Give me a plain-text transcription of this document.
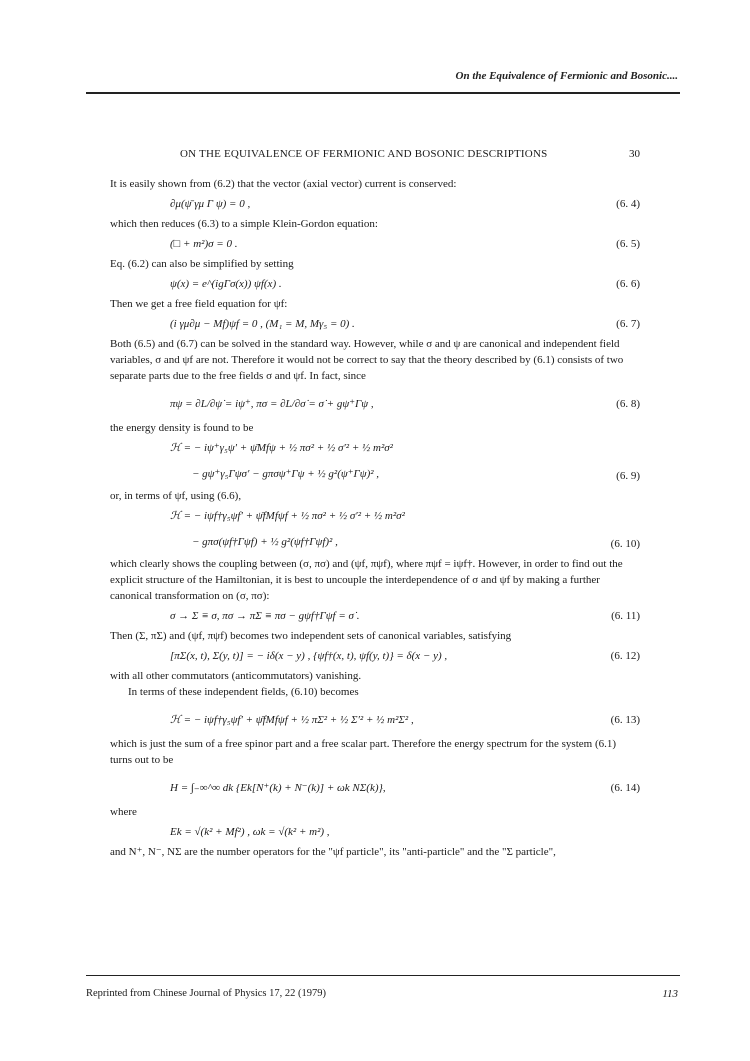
On the Equivalence of Fermionic and Bosonic....
ON THE EQUIVALENCE OF FERMIONIC AND BOSONIC DESCRIPTIONS	30

It is easily shown from (6.2) that the vector (axial vector) current is conserved:

∂μ(ψ̄ γμ Γ ψ) = 0 ,	(6. 4)

which then reduces (6.3) to a simple Klein-Gordon equation:

(□ + m²)σ = 0 .	(6. 5)

Eq. (6.2) can also be simplified by setting

ψ(x) = e^(igΓσ(x)) ψf(x) .	(6. 6)

Then we get a free field equation for ψf:

(i γμ∂μ − Mf)ψf = 0 , (M₁ = M, Mγ₅ = 0) .	(6. 7)

Both (6.5) and (6.7) can be solved in the standard way. However, while σ and ψ are canonical and independent field variables, σ and ψf are not. Therefore it would not be correct to say that the theory described by (6.1) consists of two separate parts due to the free fields σ and ψf. In fact, since

πψ = ∂L/∂ψ̇ = iψ⁺, πσ = ∂L/∂σ̇ = σ̇ + gψ⁺Γψ ,	(6. 8)

the energy density is found to be

ℋ = − iψ⁺γ₅ψ′ + ψ̄Mfψ + ½ πσ² + ½ σ′² + ½ m²σ²
− gψ⁺γ₅Γψσ′ − gπσψ⁺Γψ + ½ g²(ψ⁺Γψ)² ,	(6. 9)

or, in terms of ψf, using (6.6),

ℋ = − iψf†γ₅ψf′ + ψ̄fMfψf + ½ πσ² + ½ σ′² + ½ m²σ²
− gπσ(ψf†Γψf) + ½ g²(ψf†Γψf)² ,	(6. 10)

which clearly shows the coupling between (σ, πσ) and (ψf, πψf), where πψf = iψf†. However, in order to find out the explicit structure of the Hamiltonian, it is best to uncouple the interdependence of σ and ψf by making a further canonical transformation on (σ, πσ):

σ → Σ ≡ σ, πσ → πΣ ≡ πσ − gψf†Γψf = σ̇ .	(6. 11)

Then (Σ, πΣ) and (ψf, πψf) becomes two independent sets of canonical variables, satisfying

[πΣ(x, t), Σ(y, t)] = − iδ(x − y) , {ψf†(x, t), ψf(y, t)} = δ(x − y) ,	(6. 12)

with all other commutators (anticommutators) vanishing.

In terms of these independent fields, (6.10) becomes

ℋ = − iψf†γ₅ψf′ + ψ̄fMfψf + ½ πΣ² + ½ Σ′² + ½ m²Σ² ,	(6. 13)

which is just the sum of a free spinor part and a free scalar part. Therefore the energy spectrum for the system (6.1) turns out to be

H = ∫₋∞^∞ dk {Ek[N⁺(k) + N⁻(k)] + ωk NΣ(k)},	(6. 14)

where

Ek = √(k² + Mf²) , ωk = √(k² + m²) ,

and N⁺, N⁻, NΣ are the number operators for the "ψf particle", its "anti-particle" and the "Σ particle",

Reprinted from Chinese Journal of Physics 17, 22 (1979)	113
